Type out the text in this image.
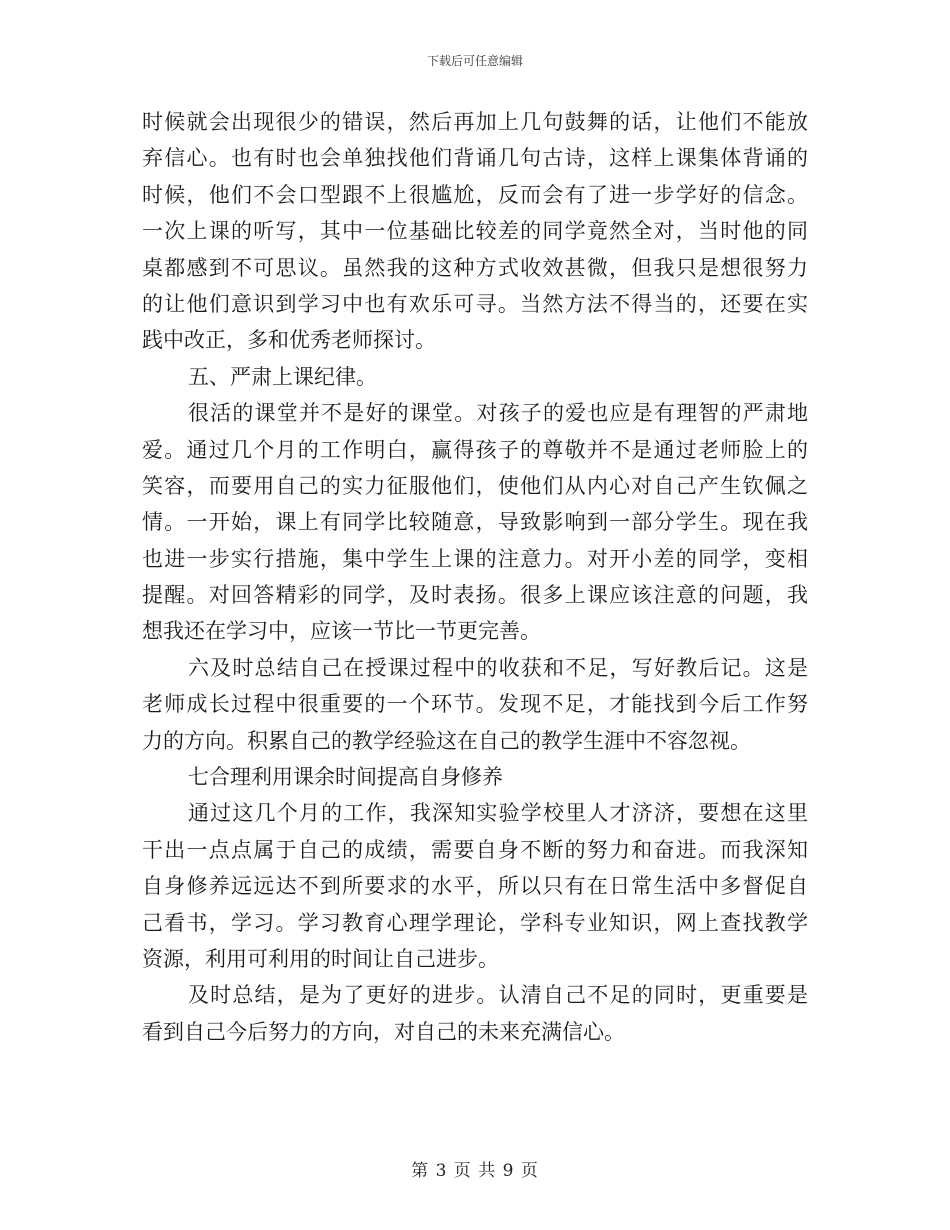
下载后可任意编辑
时候就会出现很少的错误，然后再加上几句鼓舞的话，让他们不能放
弃信心。也有时也会单独找他们背诵几句古诗，这样上课集体背诵的
时候，他们不会口型跟不上很尴尬，反而会有了进一步学好的信念。
一次上课的听写，其中一位基础比较差的同学竟然全对，当时他的同
桌都感到不可思议。虽然我的这种方式收效甚微，但我只是想很努力
的让他们意识到学习中也有欢乐可寻。当然方法不得当的，还要在实
践中改正，多和优秀老师探讨。
五、严肃上课纪律。
很活的课堂并不是好的课堂。对孩子的爱也应是有理智的严肃地
爱。通过几个月的工作明白，赢得孩子的尊敬并不是通过老师脸上的
笑容，而要用自己的实力征服他们，使他们从内心对自己产生钦佩之
情。一开始，课上有同学比较随意，导致影响到一部分学生。现在我
也进一步实行措施，集中学生上课的注意力。对开小差的同学，变相
提醒。对回答精彩的同学，及时表扬。很多上课应该注意的问题，我
想我还在学习中，应该一节比一节更完善。
六及时总结自己在授课过程中的收获和不足，写好教后记。这是
老师成长过程中很重要的一个环节。发现不足，才能找到今后工作努
力的方向。积累自己的教学经验这在自己的教学生涯中不容忽视。
七合理利用课余时间提高自身修养
通过这几个月的工作，我深知实验学校里人才济济，要想在这里
干出一点点属于自己的成绩，需要自身不断的努力和奋进。而我深知
自身修养远远达不到所要求的水平，所以只有在日常生活中多督促自
己看书，学习。学习教育心理学理论，学科专业知识，网上查找教学
资源，利用可利用的时间让自己进步。
及时总结，是为了更好的进步。认清自己不足的同时，更重要是
看到自己今后努力的方向，对自己的未来充满信心。
第 3 页 共 9 页
